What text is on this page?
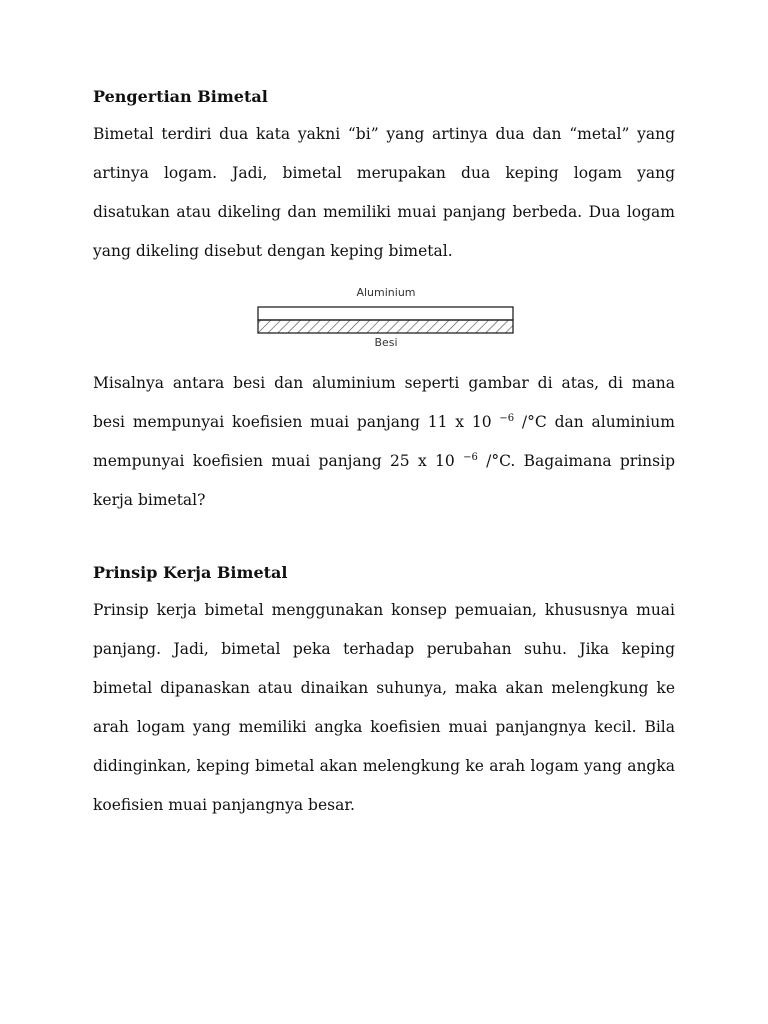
Pengertian Bimetal
Bimetal terdiri dua kata yakni “bi” yang artinya dua dan “metal” yang
artinya logam. Jadi, bimetal merupakan dua keping logam yang
disatukan atau dikeling dan memiliki muai panjang berbeda. Dua logam
yang dikeling disebut dengan keping bimetal.
Aluminium
Besi
Misalnya antara besi dan aluminium seperti gambar di atas, di mana
besi mempunyai koefisien muai panjang 11 x 10 $^{-6}$ /°C dan aluminium
mempunyai koefisien muai panjang 25 x 10 $^{-6}$ /°C. Bagaimana prinsip
kerja bimetal?
Prinsip Kerja Bimetal
Prinsip kerja bimetal menggunakan konsep pemuaian, khususnya muai
panjang. Jadi, bimetal peka terhadap perubahan suhu. Jika keping
bimetal dipanaskan atau dinaikan suhunya, maka akan melengkung ke
arah logam yang memiliki angka koefisien muai panjangnya kecil. Bila
didinginkan, keping bimetal akan melengkung ke arah logam yang angka
koefisien muai panjangnya besar.
